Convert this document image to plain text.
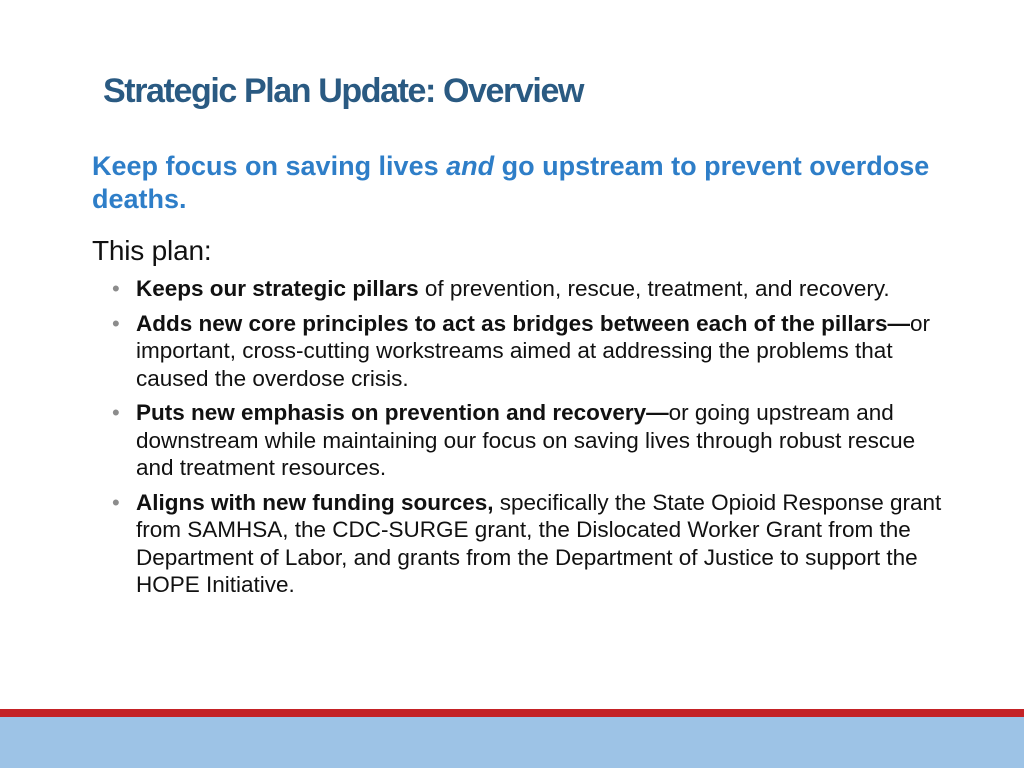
Strategic Plan Update: Overview

Keep focus on saving lives and go upstream to prevent overdose deaths.

This plan:
• Keeps our strategic pillars of prevention, rescue, treatment, and recovery.
• Adds new core principles to act as bridges between each of the pillars—or important, cross-cutting workstreams aimed at addressing the problems that caused the overdose crisis.
• Puts new emphasis on prevention and recovery—or going upstream and downstream while maintaining our focus on saving lives through robust rescue and treatment resources.
• Aligns with new funding sources, specifically the State Opioid Response grant from SAMHSA, the CDC-SURGE grant, the Dislocated Worker Grant from the Department of Labor, and grants from the Department of Justice to support the HOPE Initiative.
